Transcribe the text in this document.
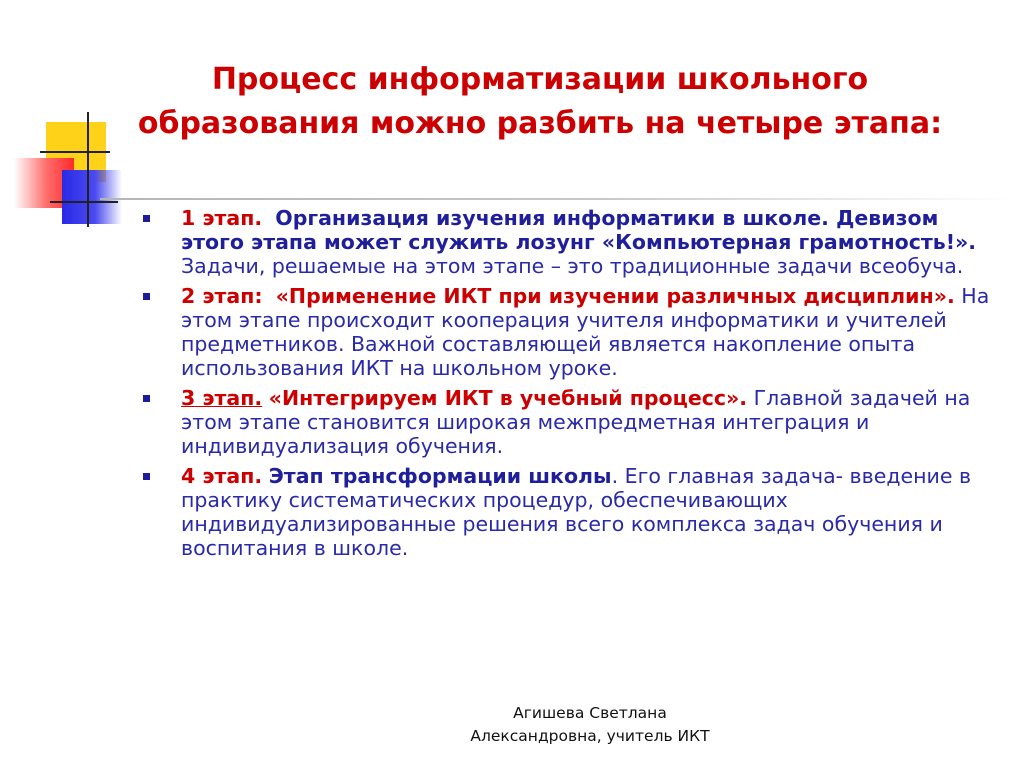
Процесс информатизации школьного
образования можно разбить на четыре этапа:
1 этап. Организация изучения информатики в школе. Девизом этого этапа может служить лозунг «Компьютерная грамотность!». Задачи, решаемые на этом этапе – это традиционные задачи всеобуча.
2 этап: «Применение ИКТ при изучении различных дисциплин». На этом этапе происходит кооперация учителя информатики и учителей предметников. Важной составляющей является накопление опыта использования ИКТ на школьном уроке.
3 этап. «Интегрируем ИКТ в учебный процесс». Главной задачей на этом этапе становится широкая межпредметная интеграция и индивидуализация обучения.
4 этап. Этап трансформации школы. Его главная задача- введение в практику систематических процедур, обеспечивающих индивидуализированные решения всего комплекса задач обучения и воспитания в школе.
Агишева Светлана
Александровна, учитель ИКТ
